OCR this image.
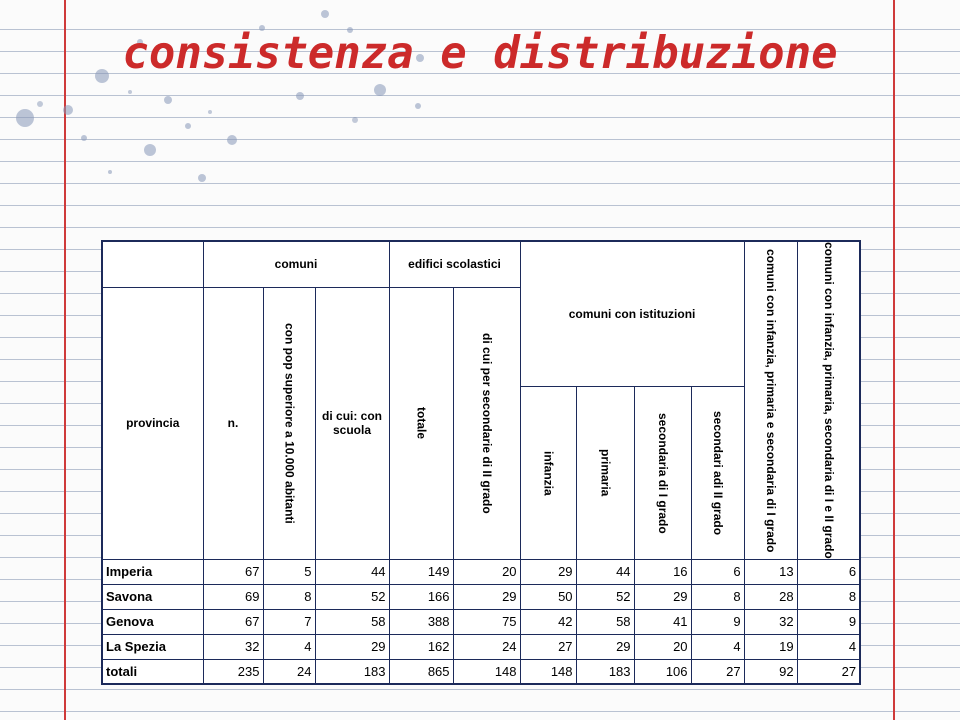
consistenza e distribuzione
	comuni			edifici scolastici		comuni con istituzioni				comuni con infanzia, primaria e secondaria di I grado	comuni con infanzia, primaria, secondaria di I e II grado

provincia	n.	con pop superiore a 10.000 abitanti	di cui: con scuola	totale	di cui per secondarie di II grado						

						infanzia	primaria	secondaria di I grado	secondari adi II grado		

Imperia	67	5	44	149	20	29	44	16	6	13	6
Savona	69	8	52	166	29	50	52	29	8	28	8
Genova	67	7	58	388	75	42	58	41	9	32	9
La Spezia	32	4	29	162	24	27	29	20	4	19	4
totali	235	24	183	865	148	148	183	106	27	92	27
